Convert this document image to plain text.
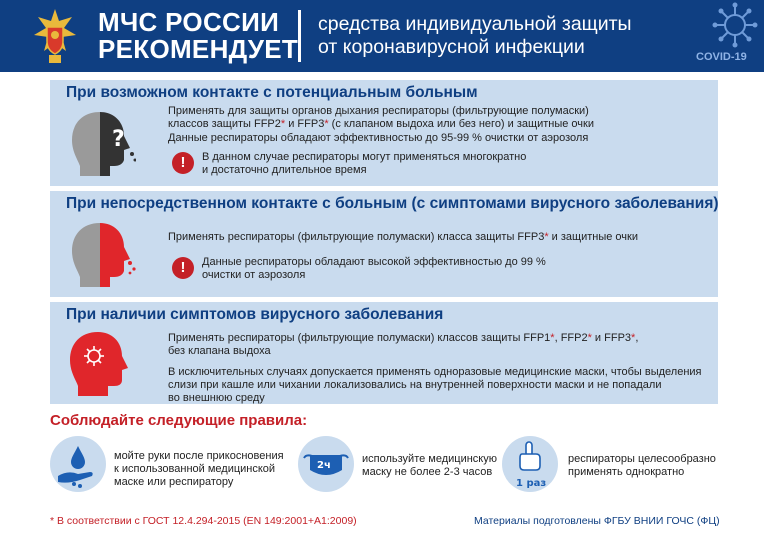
МЧС РОССИИ
РЕКОМЕНДУЕТ
средства индивидуальной защиты
от коронавирусной инфекции	COVID-19
При возможном контакте с потенциальным больным
?
Применять для защиты органов дыхания респираторы (фильтрующие полумаски)
классов защиты FFP2* и FFP3* (с клапаном выдоха или без него) и защитные очки
Данные респираторы обладают эффективностью до 95-99 % очистки от аэрозоля
!	В данном случае респираторы могут применяться многократно
и достаточно длительное время
При непосредственном контакте с больным (с симптомами вирусного заболевания)
Применять респираторы (фильтрующие полумаски) класса защиты FFP3* и защитные очки
!	Данные респираторы обладают высокой эффективностью до 99 %
очистки от аэрозоля
При наличии симптомов вирусного заболевания
Применять респираторы (фильтрующие полумаски) классов защиты FFP1*, FFP2* и FFP3*,
без клапана выдоха
В исключительных случаях допускается применять одноразовые медицинские маски, чтобы выделения
слизи при кашле или чихании локализовались на внутренней поверхности маски и не попадали
во внешнюю среду
Соблюдайте следующие правила:
мойте руки после прикосновения
к использованной медицинской
маске или респиратору
2ч
используйте медицинскую
маску не более 2-3 часов
1 раз
респираторы целесообразно
применять однократно
* В соответствии с ГОСТ 12.4.294-2015 (EN 149:2001+A1:2009)	Материалы подготовлены ФГБУ ВНИИ ГОЧС (ФЦ)
